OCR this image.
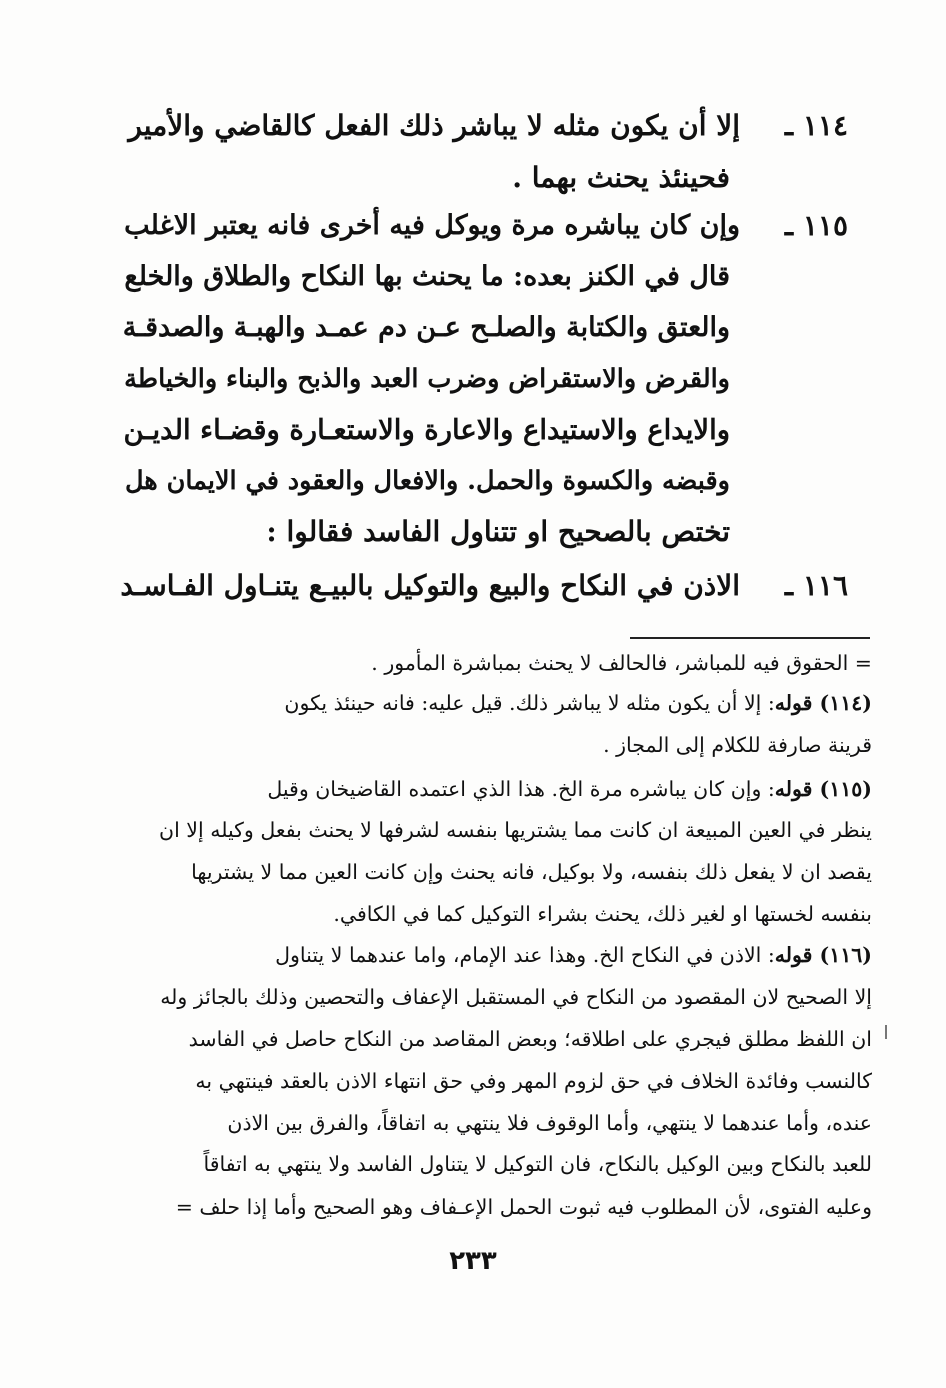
١١٤ ـ
إلا أن يكون مثله لا يباشر ذلك الفعل كالقاضي والأمير
فحينئذ يحنث بهما .
١١٥ ـ
وإن كان يباشره مرة ويوكل فيه أخرى فانه يعتبر الاغلب
قال في الكنز بعده: ما يحنث بها النكاح والطلاق والخلع
والعتق والكتابة والصلـح عـن دم عمـد والهبـة والصدقـة
والقرض والاستقراض وضرب العبد والذبح والبناء والخياطة
والايداع والاستيداع والاعارة والاستعـارة وقضـاء الديـن
وقبضه والكسوة والحمل. والافعال والعقود في الايمان هل
تختص بالصحيح او تتناول الفاسد فقالوا :
١١٦ ـ
الاذن في النكاح والبيع والتوكيل بالبيـع يتنـاول الفـاسـد
= الحقوق فيه للمباشر، فالحالف لا يحنث بمباشرة المأمور .
(١١٤) قوله: إلا أن يكون مثله لا يباشر ذلك. قيل عليه: فانه حينئذ يكون
قرينة صارفة للكلام إلى المجاز .
(١١٥) قوله: وإن كان يباشره مرة الخ. هذا الذي اعتمده القاضيخان وقيل
ينظر في العين المبيعة ان كانت مما يشتريها بنفسه لشرفها لا يحنث بفعل وكيله إلا ان
يقصد ان لا يفعل ذلك بنفسه، ولا بوكيل، فانه يحنث وإن كانت العين مما لا يشتريها
بنفسه لخستها او لغير ذلك، يحنث بشراء التوكيل كما في الكافي.
(١١٦) قوله: الاذن في النكاح الخ. وهذا عند الإمام، واما عندهما لا يتناول
إلا الصحيح لان المقصود من النكاح في المستقبل الإعفاف والتحصين وذلك بالجائز وله
ان اللفظ مطلق فيجري على اطلاقه؛ وبعض المقاصد من النكاح حاصل في الفاسد
كالنسب وفائدة الخلاف في حق لزوم المهر وفي حق انتهاء الاذن بالعقد فينتهي به
عنده، وأما عندهما لا ينتهي، وأما الوقوف فلا ينتهي به اتفاقاً، والفرق بين الاذن
للعبد بالنكاح وبين الوكيل بالنكاح، فان التوكيل لا يتناول الفاسد ولا ينتهي به اتفاقاً
وعليه الفتوى، لأن المطلوب فيه ثبوت الحمل الإعـفاف وهو الصحيح وأما إذا حلف =
٢٣٣
